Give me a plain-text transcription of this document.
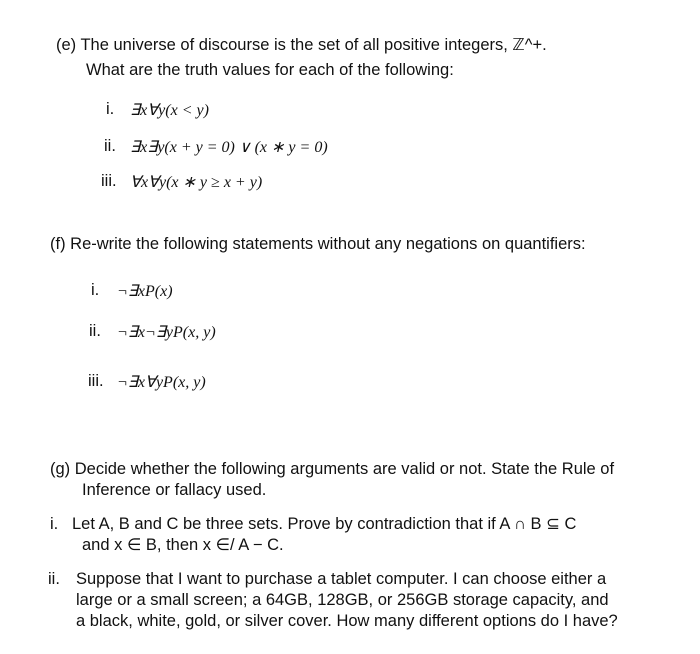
(e) The universe of discourse is the set of all positive integers, ℤ^+.
What are the truth values for each of the following:
i. ∃x∀y(x < y)
ii. ∃x∃y(x + y = 0) ∨ (x ∗ y = 0)
iii. ∀x∀y(x ∗ y ≥ x + y)
(f) Re-write the following statements without any negations on quantifiers:
i. ¬∃xP(x)
ii. ¬∃x¬∃yP(x, y)
iii. ¬∃x∀yP(x, y)
(g) Decide whether the following arguments are valid or not. State the Rule of
Inference or fallacy used.
i. Let A, B and C be three sets. Prove by contradiction that if A ∩ B ⊆ C
and x ∈ B, then x ∈/ A − C.
ii. Suppose that I want to purchase a tablet computer. I can choose either a
large or a small screen; a 64GB, 128GB, or 256GB storage capacity, and
a black, white, gold, or silver cover. How many different options do I have?
